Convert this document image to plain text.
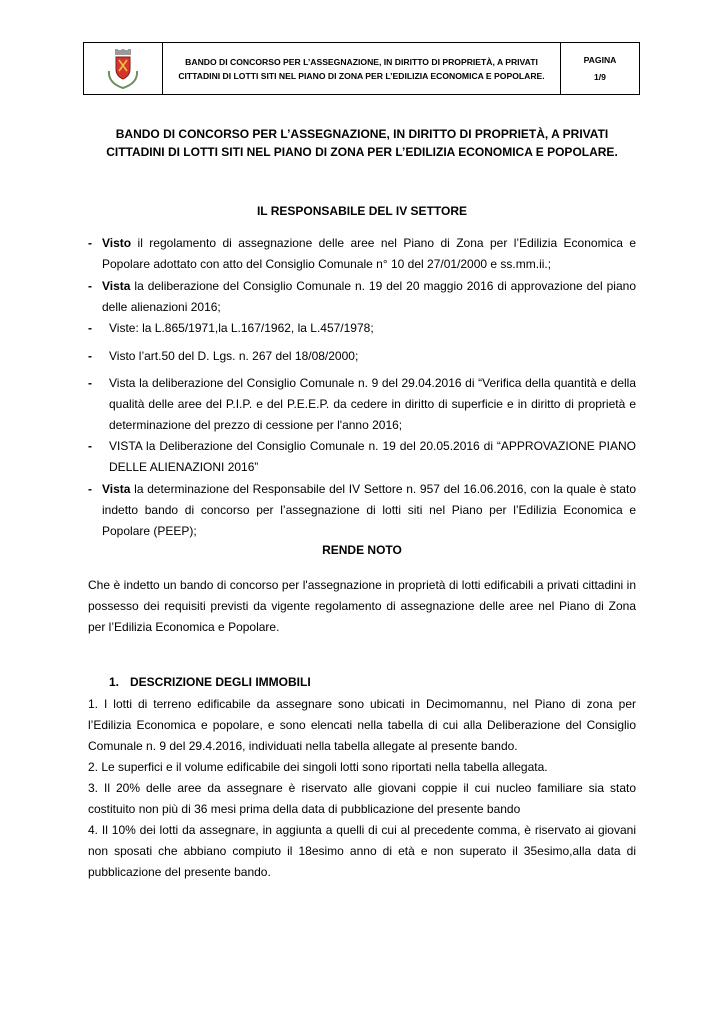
BANDO DI CONCORSO PER L’ASSEGNAZIONE, IN DIRITTO DI PROPRIETÀ, A PRIVATI CITTADINI DI LOTTI SITI NEL PIANO DI ZONA PER L’EDILIZIA ECONOMICA E POPOLARE.
PAGINA
1/9
BANDO DI CONCORSO PER L’ASSEGNAZIONE, IN DIRITTO DI PROPRIETÀ, A PRIVATI CITTADINI DI LOTTI SITI NEL PIANO DI ZONA PER L’EDILIZIA ECONOMICA E POPOLARE.
IL RESPONSABILE DEL IV SETTORE
- Visto il regolamento di assegnazione delle aree nel Piano di Zona per l’Edilizia Economica e Popolare adottato con atto del Consiglio Comunale n° 10 del 27/01/2000 e ss.mm.ii.;
- Vista la deliberazione del Consiglio Comunale n. 19 del 20 maggio 2016 di approvazione del piano delle alienazioni 2016;
-	Viste: la L.865/1971,la L.167/1962, la L.457/1978;
-	Visto l’art.50 del D. Lgs. n. 267 del 18/08/2000;
-	Vista la deliberazione del Consiglio Comunale n. 9 del 29.04.2016 di “Verifica della quantità e della qualità delle aree del P.I.P. e del P.E.E.P. da cedere in diritto di superficie e in diritto di proprietà e determinazione del prezzo di cessione per l'anno 2016;
-	VISTA la Deliberazione del Consiglio Comunale n. 19 del 20.05.2016 di “APPROVAZIONE PIANO DELLE ALIENAZIONI 2016”
- Vista la determinazione del Responsabile del IV Settore n. 957 del 16.06.2016, con la quale è stato indetto bando di concorso per l’assegnazione di lotti siti nel Piano per l’Edilizia Economica e Popolare (PEEP);
RENDE NOTO
Che è indetto un bando di concorso per l'assegnazione in proprietà di lotti edificabili a privati cittadini in possesso dei requisiti previsti da vigente regolamento di assegnazione delle aree nel Piano di Zona per l’Edilizia Economica e Popolare.
1. DESCRIZIONE DEGLI IMMOBILI
1. I lotti di terreno edificabile da assegnare sono ubicati in Decimomannu, nel Piano di zona per l’Edilizia Economica e popolare, e sono elencati nella tabella di cui alla Deliberazione del Consiglio Comunale n. 9 del 29.4.2016, individuati nella tabella allegate al presente bando.
2. Le superfici e il volume edificabile dei singoli lotti sono riportati nella tabella allegata.
3. Il 20% delle aree da assegnare è riservato alle giovani coppie il cui nucleo familiare sia stato costituito non più di 36 mesi prima della data di pubblicazione del presente bando
4. Il 10% dei lotti da assegnare, in aggiunta a quelli di cui al precedente comma, è riservato ai giovani non sposati che abbiano compiuto il 18esimo anno di età e non superato il 35esimo,alla data di pubblicazione del presente bando.
